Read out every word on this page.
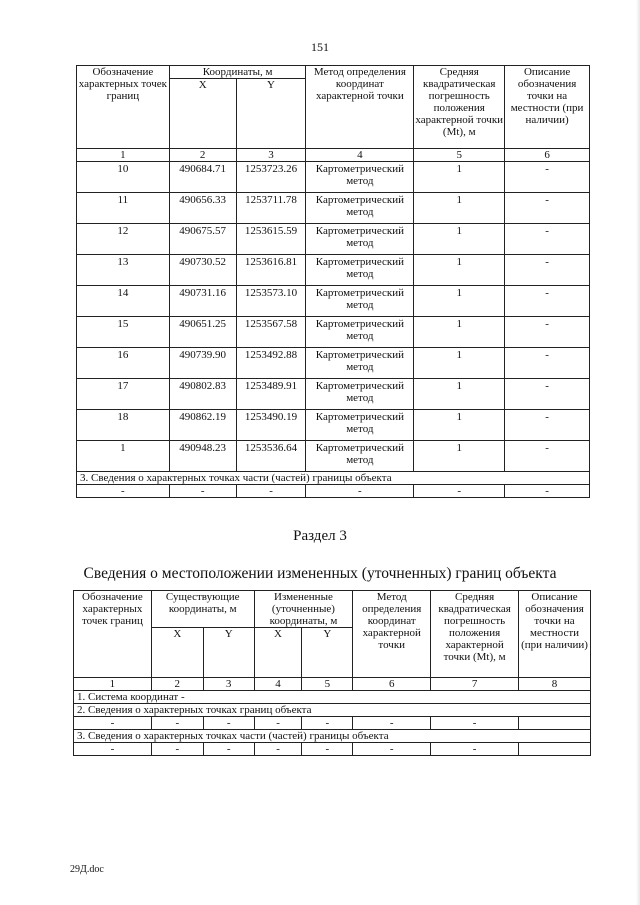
151
Обозначение характерных точек границ	Координаты, м		Метод определения координат характерной точки	Средняя квадратическая погрешность положения характерной точки (Mt), м	Описание обозначения точки на местности (при наличии)
	X	Y			
1	2	3	4	5	6
10	490684.71	1253723.26	Картометрический метод	1	-
11	490656.33	1253711.78	Картометрический метод	1	-
12	490675.57	1253615.59	Картометрический метод	1	-
13	490730.52	1253616.81	Картометрический метод	1	-
14	490731.16	1253573.10	Картометрический метод	1	-
15	490651.25	1253567.58	Картометрический метод	1	-
16	490739.90	1253492.88	Картометрический метод	1	-
17	490802.83	1253489.91	Картометрический метод	1	-
18	490862.19	1253490.19	Картометрический метод	1	-
1	490948.23	1253536.64	Картометрический метод	1	-
3. Сведения о характерных точках части (частей) границы объекта					
-	-	-	-	-	-
Раздел 3
Сведения о местоположении измененных (уточненных) границ объекта
Обозначение характерных точек границ	Существующие координаты, м		Измененные (уточненные) координаты, м		Метод определения координат характерной точки	Средняя квадратическая погрешность положения характерной точки (Mt), м	Описание обозначения точки на местности (при наличии)
	X	Y	X	Y			
1	2	3	4	5	6	7	8
1. Система координат -							
2. Сведения о характерных точках границ объекта							
-	-	-	-	-	-	-	
3. Сведения о характерных точках части (частей) границы объекта							
-	-	-	-	-	-	-	
29Д.doc
